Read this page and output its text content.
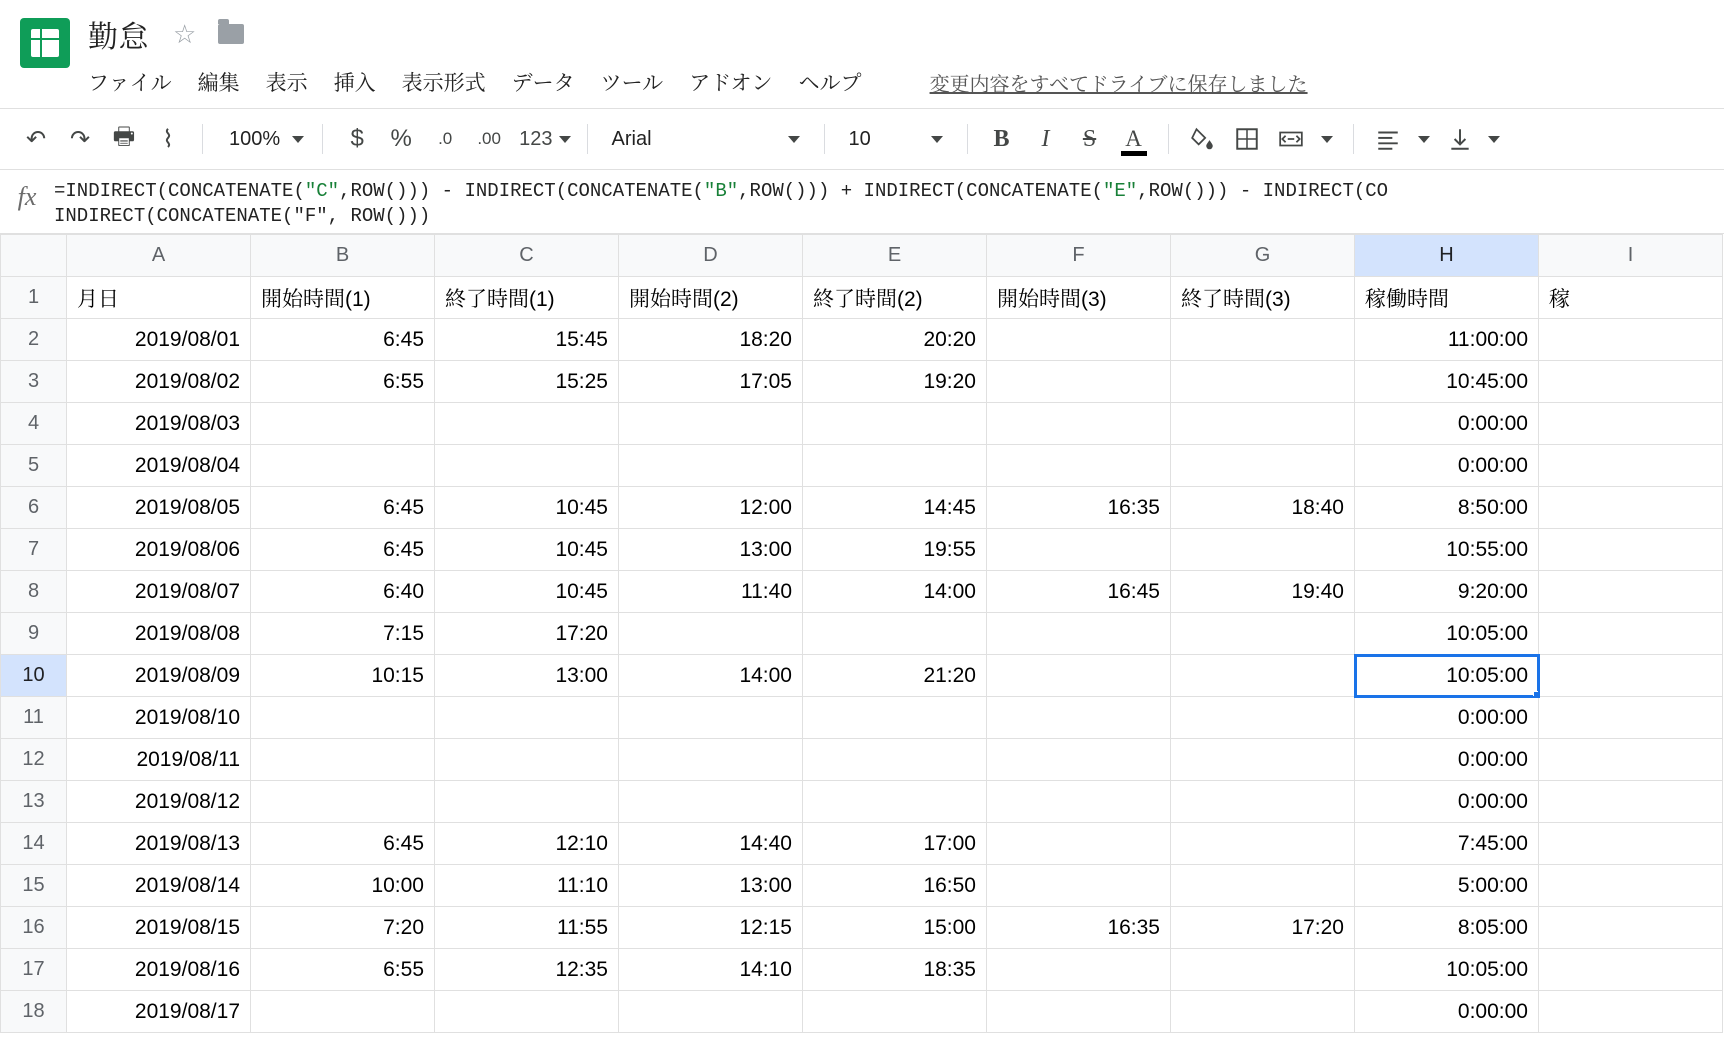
勤怠 ☆
ファイル 編集 表示 挿入 表示形式 データ ツール アドオン ヘルプ	変更内容をすべてドライブに保存しました
↶ ↷ 🖶	⌇	100%	$	%	.0	.00 123	Arial	10	B	I	S	A
fx =INDIRECT(CONCATENATE("C",ROW())) - INDIRECT(CONCATENATE("B",ROW())) + INDIRECT(CONCATENATE("E",ROW())) - INDIRECT(CO
INDIRECT(CONCATENATE("F", ROW()))
	A	B	C	D	E	F	G	H	I
1	月日	開始時間(1)	終了時間(1)	開始時間(2)	終了時間(2)	開始時間(3)	終了時間(3)	稼働時間	稼
2	2019/08/01	6:45	15:45	18:20	20:20			11:00:00	
3	2019/08/02	6:55	15:25	17:05	19:20			10:45:00	
4	2019/08/03							0:00:00	
5	2019/08/04							0:00:00	
6	2019/08/05	6:45	10:45	12:00	14:45	16:35	18:40	8:50:00	
7	2019/08/06	6:45	10:45	13:00	19:55			10:55:00	
8	2019/08/07	6:40	10:45	11:40	14:00	16:45	19:40	9:20:00	
9	2019/08/08	7:15	17:20					10:05:00	
10	2019/08/09	10:15	13:00	14:00	21:20			10:05:00

11	2019/08/10							0:00:00	
12	2019/08/11							0:00:00	
13	2019/08/12							0:00:00	
14	2019/08/13	6:45	12:10	14:40	17:00			7:45:00	
15	2019/08/14	10:00	11:10	13:00	16:50			5:00:00	
16	2019/08/15	7:20	11:55	12:15	15:00	16:35	17:20	8:05:00	
17	2019/08/16	6:55	12:35	14:10	18:35			10:05:00	
18	2019/08/17							0:00:00	
